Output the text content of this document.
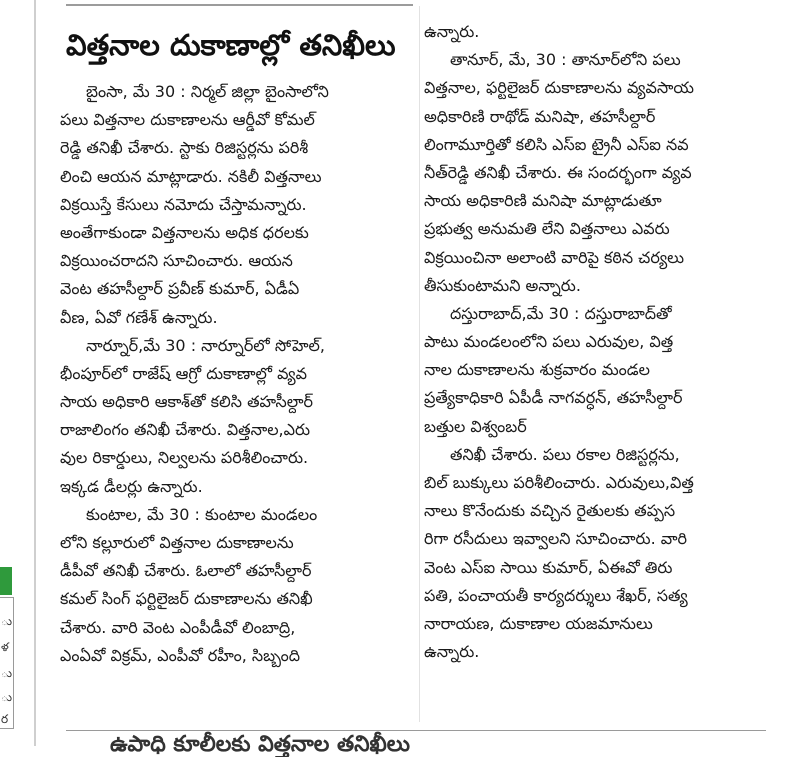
ు
ళ
ు
ు
ర
విత్తనాల దుకాణాల్లో తనిఖీలు
బైంసా, మే 30 : నిర్మల్ జిల్లా బైంసాలోని
పలు విత్తనాల దుకాణాలను ఆర్డీవో కోమల్
రెడ్డి తనిఖీ చేశారు. స్టాకు రిజిస్టర్లను పరిశీ
లించి ఆయన మాట్లాడారు. నకిలీ విత్తనాలు
విక్రయిస్తే కేసులు నమోదు చేస్తామన్నారు.
అంతేగాకుండా విత్తనాలను అధిక ధరలకు
విక్రయించరాదని సూచించారు. ఆయన
వెంట తహసీల్దార్ ప్రవీణ్ కుమార్, ఏడీఏ
వీణ, ఏవో గణేశ్ ఉన్నారు.
నార్నూర్,మే 30 : నార్నూర్‌లో సోహెల్,
భీంపూర్‌లో రాజేష్ ఆగ్రో దుకాణాల్లో వ్యవ
సాయ అధికారి ఆకాశ్‌తో కలిసి తహసీల్దార్
రాజాలింగం తనిఖీ చేశారు. విత్తనాల,ఎరు
వుల రికార్డులు, నిల్వలను పరిశీలించారు.
ఇక్కడ డీలర్లు ఉన్నారు.
కుంటాల, మే 30 : కుంటాల మండలం
లోని కల్లూరులో విత్తనాల దుకాణాలను
డీపీవో తనిఖీ చేశారు. ఓలాలో తహసీల్దార్
కమల్ సింగ్ ఫర్టిలైజర్ దుకాణాలను తనిఖీ
చేశారు. వారి వెంట ఎంపీడీవో లింబాద్రి,
ఎంఏవో విక్రమ్, ఎంపీవో రహీం, సిబ్బంది
ఉన్నారు.
తానూర్, మే, 30 : తానూర్‌లోని పలు
విత్తనాల, ఫర్టిలైజర్ దుకాణాలను వ్యవసాయ
అధికారిణి రాథోడ్ మనిషా, తహసీల్దార్
లింగామూర్తితో కలిసి ఎస్ఐ ట్రైనీ ఎస్ఐ నవ
నీత్‌రెడ్డి తనిఖీ చేశారు. ఈ సందర్భంగా వ్యవ
సాయ అధికారిణి మనిషా మాట్లాడుతూ
ప్రభుత్వ అనుమతి లేని విత్తనాలు ఎవరు
విక్రయించినా అలాంటి వారిపై కఠిన చర్యలు
తీసుకుంటామని అన్నారు.
దస్తురాబాద్,మే 30 : దస్తురాబాద్‌తో
పాటు మండలంలోని పలు ఎరువుల, విత్త
నాల దుకాణాలను శుక్రవారం మండల
ప్రత్యేకాధికారి ఏపీడీ నాగవర్ధన్, తహసీల్దార్
బత్తుల విశ్వంబర్
తనిఖీ చేశారు. పలు రకాల రిజిస్టర్లను,
బిల్ బుక్కులు పరిశీలించారు. ఎరువులు,విత్త
నాలు కొనేందుకు వచ్చిన రైతులకు తప్పస
రిగా రసీదులు ఇవ్వాలని సూచించారు. వారి
వెంట ఎస్ఐ సాయి కుమార్, ఏఈవో తిరు
పతి, పంచాయతీ కార్యదర్శులు శేఖర్, సత్య
నారాయణ, దుకాణాల యజమానులు
ఉన్నారు.
ఉపాధి కూలీలకు విత్తనాల తనిఖీలు
